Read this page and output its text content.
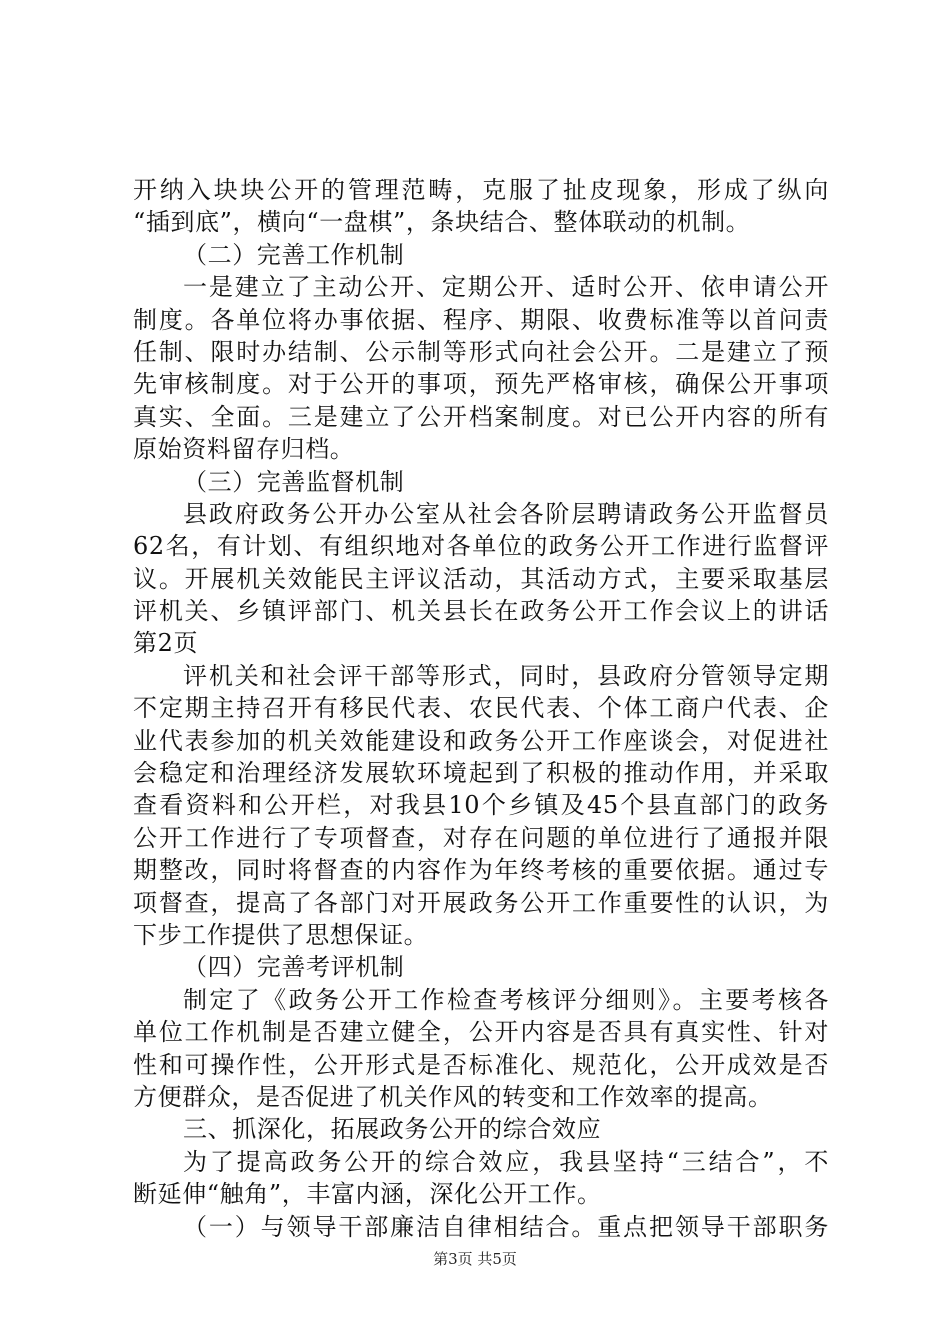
开纳入块块公开的管理范畴，克服了扯皮现象，形成了纵向
“插到底”，横向“一盘棋”，条块结合、整体联动的机制。
（二）完善工作机制
一是建立了主动公开、定期公开、适时公开、依申请公开
制度。各单位将办事依据、程序、期限、收费标准等以首问责
任制、限时办结制、公示制等形式向社会公开。二是建立了预
先审核制度。对于公开的事项，预先严格审核，确保公开事项
真实、全面。三是建立了公开档案制度。对已公开内容的所有
原始资料留存归档。
（三）完善监督机制
县政府政务公开办公室从社会各阶层聘请政务公开监督员
62名，有计划、有组织地对各单位的政务公开工作进行监督评
议。开展机关效能民主评议活动，其活动方式，主要采取基层
评机关、乡镇评部门、机关县长在政务公开工作会议上的讲话
第2页
评机关和社会评干部等形式，同时，县政府分管领导定期
不定期主持召开有移民代表、农民代表、个体工商户代表、企
业代表参加的机关效能建设和政务公开工作座谈会，对促进社
会稳定和治理经济发展软环境起到了积极的推动作用，并采取
查看资料和公开栏，对我县10个乡镇及45个县直部门的政务
公开工作进行了专项督查，对存在问题的单位进行了通报并限
期整改，同时将督查的内容作为年终考核的重要依据。通过专
项督查，提高了各部门对开展政务公开工作重要性的认识，为
下步工作提供了思想保证。
（四）完善考评机制
制定了《政务公开工作检查考核评分细则》。主要考核各
单位工作机制是否建立健全，公开内容是否具有真实性、针对
性和可操作性，公开形式是否标准化、规范化，公开成效是否
方便群众，是否促进了机关作风的转变和工作效率的提高。
三、抓深化，拓展政务公开的综合效应
为了提高政务公开的综合效应，我县坚持“三结合”，不
断延伸“触角”，丰富内涵，深化公开工作。
（一）与领导干部廉洁自律相结合。重点把领导干部职务
第3页 共5页
